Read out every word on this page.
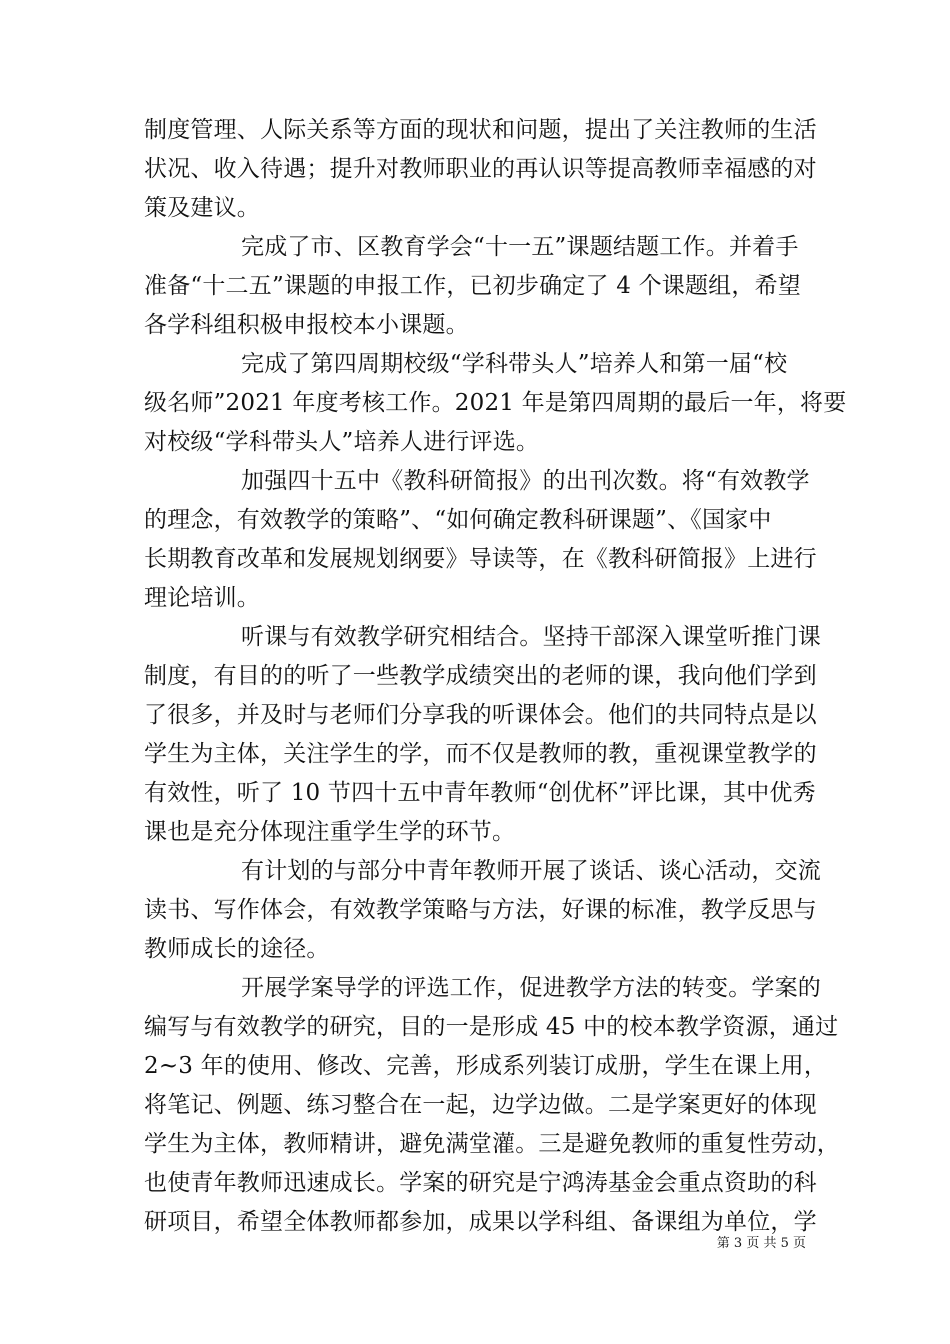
制度管理、人际关系等方面的现状和问题，提出了关注教师的生活
状况、收入待遇；提升对教师职业的再认识等提高教师幸福感的对
策及建议。
完成了市、区教育学会“十一五”课题结题工作。并着手
准备“十二五”课题的申报工作，已初步确定了 4 个课题组，希望
各学科组积极申报校本小课题。
完成了第四周期校级“学科带头人”培养人和第一届“校
级名师”2021 年度考核工作。2021 年是第四周期的最后一年，将要
对校级“学科带头人”培养人进行评选。
加强四十五中《教科研简报》的出刊次数。将“有效教学
的理念，有效教学的策略”、“如何确定教科研课题”、《国家中
长期教育改革和发展规划纲要》导读等，在《教科研简报》上进行
理论培训。
听课与有效教学研究相结合。坚持干部深入课堂听推门课
制度，有目的的听了一些教学成绩突出的老师的课，我向他们学到
了很多，并及时与老师们分享我的听课体会。他们的共同特点是以
学生为主体，关注学生的学，而不仅是教师的教，重视课堂教学的
有效性，听了 10 节四十五中青年教师“创优杯”评比课，其中优秀
课也是充分体现注重学生学的环节。
有计划的与部分中青年教师开展了谈话、谈心活动，交流
读书、写作体会，有效教学策略与方法，好课的标准，教学反思与
教师成长的途径。
开展学案导学的评选工作，促进教学方法的转变。学案的
编写与有效教学的研究，目的一是形成 45 中的校本教学资源，通过
2~3 年的使用、修改、完善，形成系列装订成册，学生在课上用，
将笔记、例题、练习整合在一起，边学边做。二是学案更好的体现
学生为主体，教师精讲，避免满堂灌。三是避免教师的重复性劳动，
也使青年教师迅速成长。学案的研究是宁鸿涛基金会重点资助的科
研项目，希望全体教师都参加，成果以学科组、备课组为单位，学
第 3 页 共 5 页
